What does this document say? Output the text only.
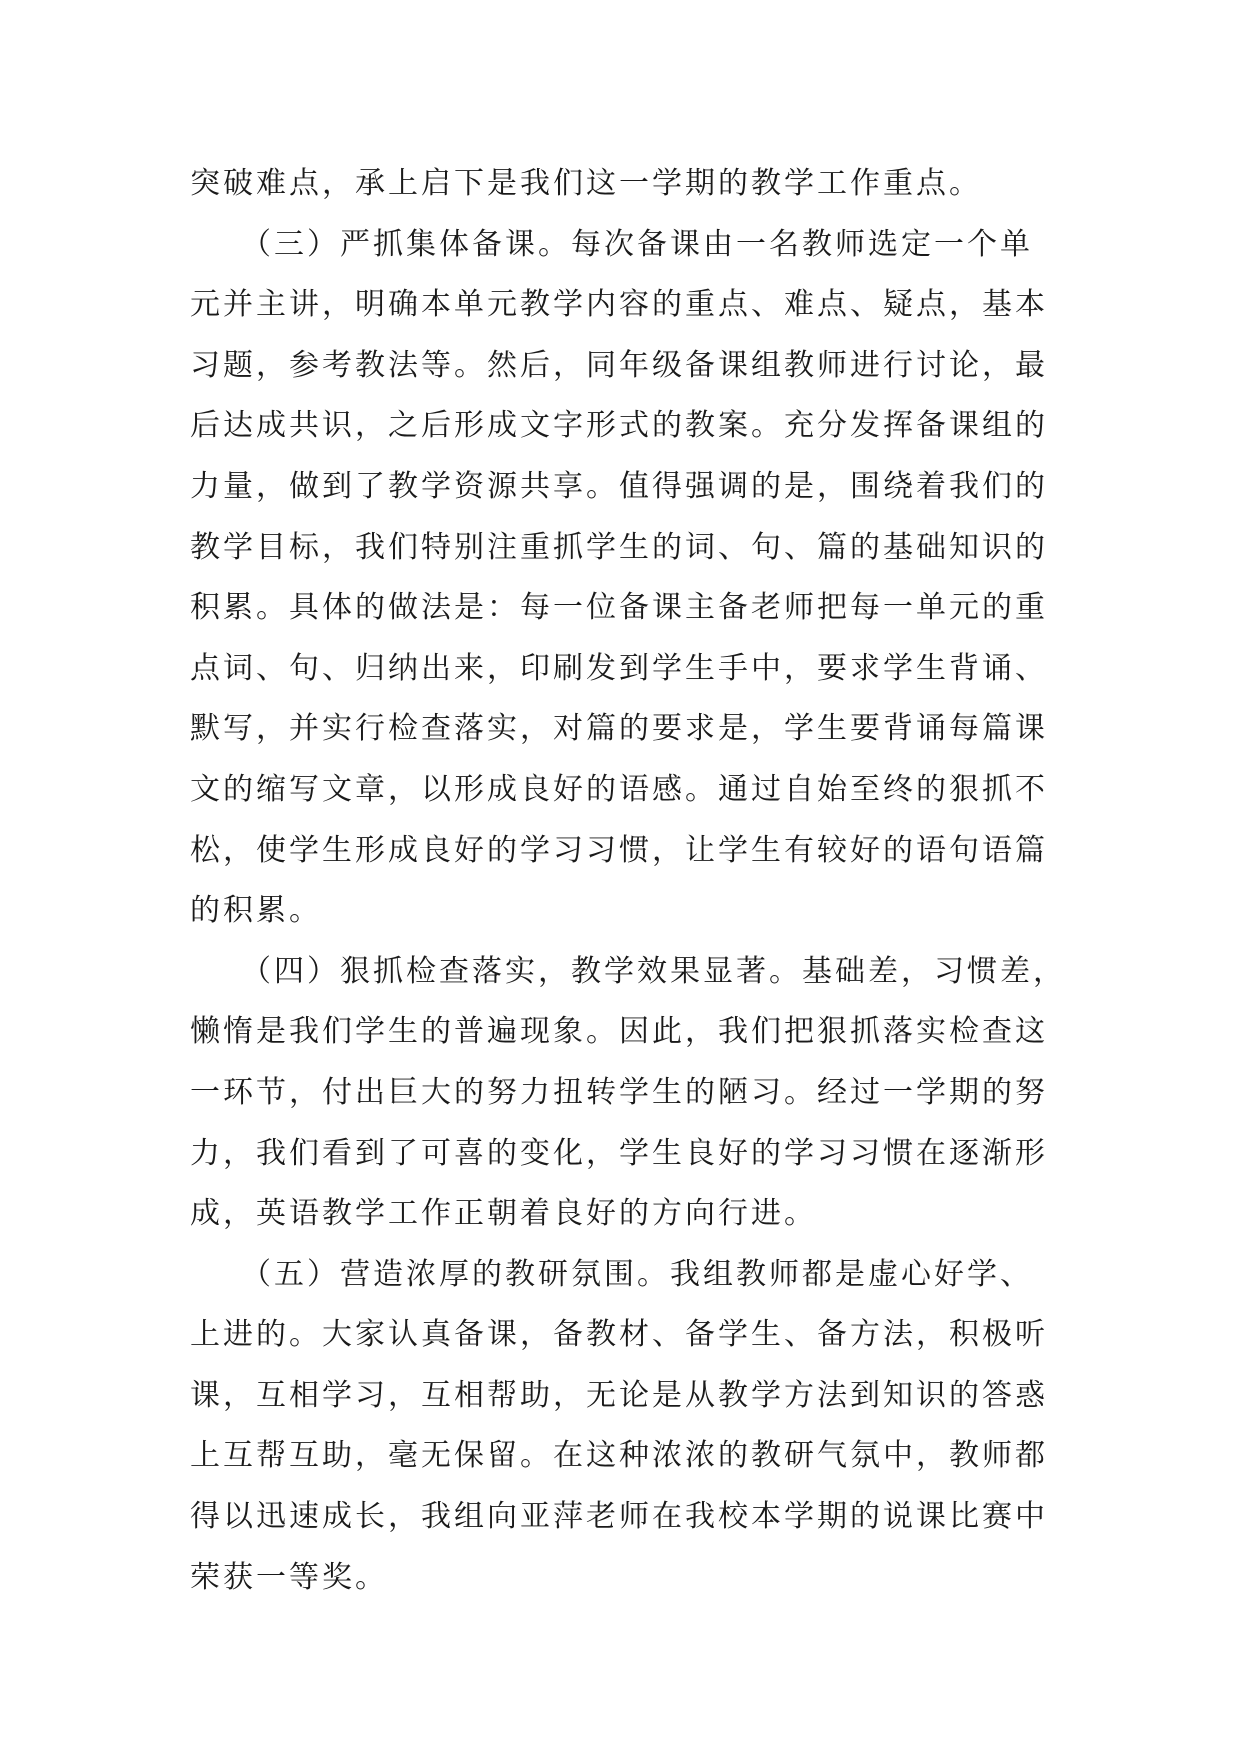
突破难点，承上启下是我们这一学期的教学工作重点。
　　（三）严抓集体备课。每次备课由一名教师选定一个单
元并主讲，明确本单元教学内容的重点、难点、疑点，基本
习题，参考教法等。然后，同年级备课组教师进行讨论，最
后达成共识，之后形成文字形式的教案。充分发挥备课组的
力量，做到了教学资源共享。值得强调的是，围绕着我们的
教学目标，我们特别注重抓学生的词、句、篇的基础知识的
积累。具体的做法是：每一位备课主备老师把每一单元的重
点词、句、归纳出来，印刷发到学生手中，要求学生背诵、
默写，并实行检查落实，对篇的要求是，学生要背诵每篇课
文的缩写文章，以形成良好的语感。通过自始至终的狠抓不
松，使学生形成良好的学习习惯，让学生有较好的语句语篇
的积累。
　　（四）狠抓检查落实，教学效果显著。基础差，习惯差，
懒惰是我们学生的普遍现象。因此，我们把狠抓落实检查这
一环节，付出巨大的努力扭转学生的陋习。经过一学期的努
力，我们看到了可喜的变化，学生良好的学习习惯在逐渐形
成，英语教学工作正朝着良好的方向行进。
　　（五）营造浓厚的教研氛围。我组教师都是虚心好学、
上进的。大家认真备课，备教材、备学生、备方法，积极听
课，互相学习，互相帮助，无论是从教学方法到知识的答惑
上互帮互助，毫无保留。在这种浓浓的教研气氛中，教师都
得以迅速成长，我组向亚萍老师在我校本学期的说课比赛中
荣获一等奖。
